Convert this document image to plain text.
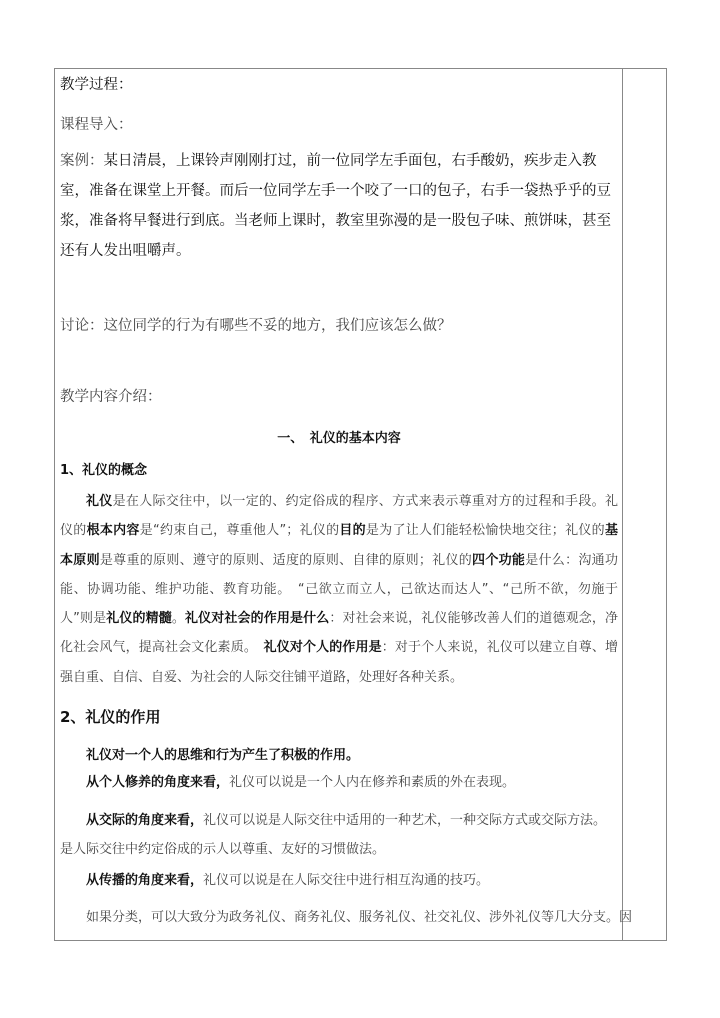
教学过程：
课程导入：
案例：某日清晨，上课铃声刚刚打过，前一位同学左手面包，右手酸奶，疾步走入教室，准备在课堂上开餐。而后一位同学左手一个咬了一口的包子，右手一袋热乎乎的豆浆，准备将早餐进行到底。当老师上课时，教室里弥漫的是一股包子味、煎饼味，甚至还有人发出咀嚼声。
讨论：这位同学的行为有哪些不妥的地方，我们应该怎么做？
教学内容介绍：
一、　礼仪的基本内容
1、礼仪的概念
礼仪是在人际交往中，以一定的、约定俗成的程序、方式来表示尊重对方的过程和手段。礼仪的根本内容是“约束自己，尊重他人”；礼仪的目的是为了让人们能轻松愉快地交往；礼仪的基本原则是尊重的原则、遵守的原则、适度的原则、自律的原则；礼仪的四个功能是什么：沟通功能、协调功能、维护功能、教育功能。　“己欲立而立人，己欲达而达人”、“己所不欲，勿施于人”则是礼仪的精髓。礼仪对社会的作用是什么：对社会来说，礼仪能够改善人们的道德观念，净化社会风气，提高社会文化素质。　礼仪对个人的作用是：对于个人来说，礼仪可以建立自尊、增强自重、自信、自爱、为社会的人际交往铺平道路，处理好各种关系。
2、礼仪的作用
礼仪对一个人的思维和行为产生了积极的作用。
从个人修养的角度来看，礼仪可以说是一个人内在修养和素质的外在表现。
从交际的角度来看，礼仪可以说是人际交往中适用的一种艺术，一种交际方式或交际方法。是人际交往中约定俗成的示人以尊重、友好的习惯做法。
从传播的角度来看，礼仪可以说是在人际交往中进行相互沟通的技巧。
如果分类，可以大致分为政务礼仪、商务礼仪、服务礼仪、社交礼仪、涉外礼仪等几大分支。因
